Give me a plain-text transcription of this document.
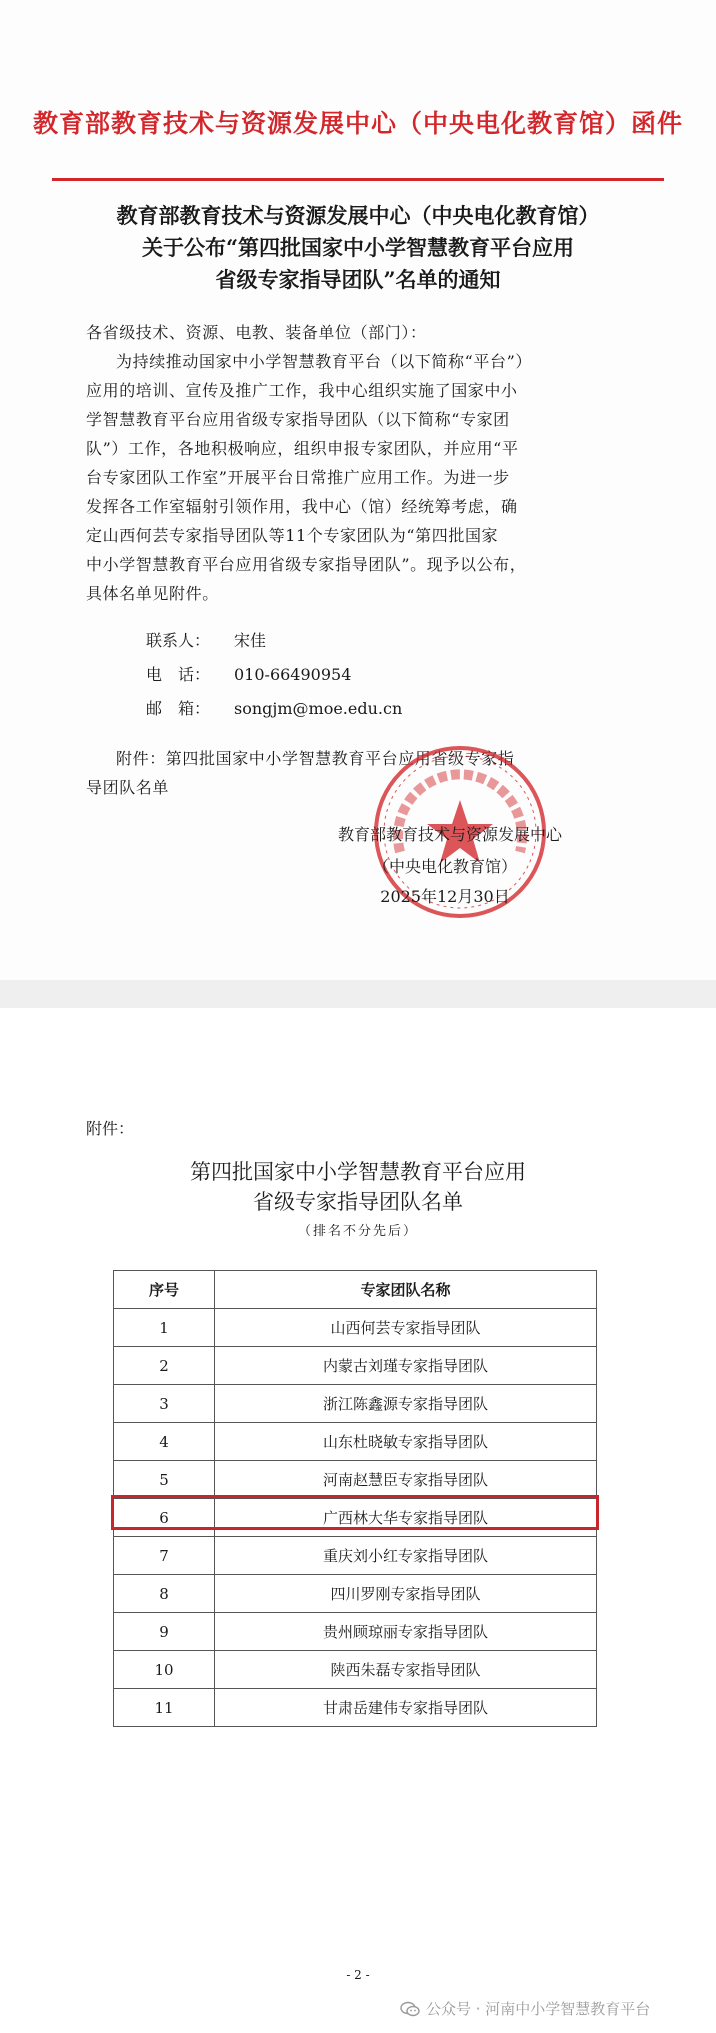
教育部教育技术与资源发展中心（中央电化教育馆）函件
教育部教育技术与资源发展中心（中央电化教育馆）
关于公布“第四批国家中小学智慧教育平台应用
省级专家指导团队”名单的通知
各省级技术、资源、电教、装备单位（部门）：
为持续推动国家中小学智慧教育平台（以下简称“平台”）
应用的培训、宣传及推广工作，我中心组织实施了国家中小
学智慧教育平台应用省级专家指导团队（以下简称“专家团
队”）工作，各地积极响应，组织申报专家团队，并应用“平
台专家团队工作室”开展平台日常推广应用工作。为进一步
发挥各工作室辐射引领作用，我中心（馆）经统筹考虑，确
定山西何芸专家指导团队等11个专家团队为“第四批国家
中小学智慧教育平台应用省级专家指导团队”。现予以公布，
具体名单见附件。
联系人： 宋佳
电　话： 010-66490954
邮　箱： songjm@moe.edu.cn
附件：第四批国家中小学智慧教育平台应用省级专家指
导团队名单
教育部教育技术与资源发展中心
（中央电化教育馆）
2025年12月30日
附件：
第四批国家中小学智慧教育平台应用
省级专家指导团队名单
（排名不分先后）
序号	专家团队名称
1	山西何芸专家指导团队
2	内蒙古刘瑾专家指导团队
3	浙江陈鑫源专家指导团队
4	山东杜晓敏专家指导团队
5	河南赵慧臣专家指导团队
6	广西林大华专家指导团队
7	重庆刘小红专家指导团队
8	四川罗刚专家指导团队
9	贵州顾琼丽专家指导团队
10	陕西朱磊专家指导团队
11	甘肃岳建伟专家指导团队
- 2 -
公众号 · 河南中小学智慧教育平台
